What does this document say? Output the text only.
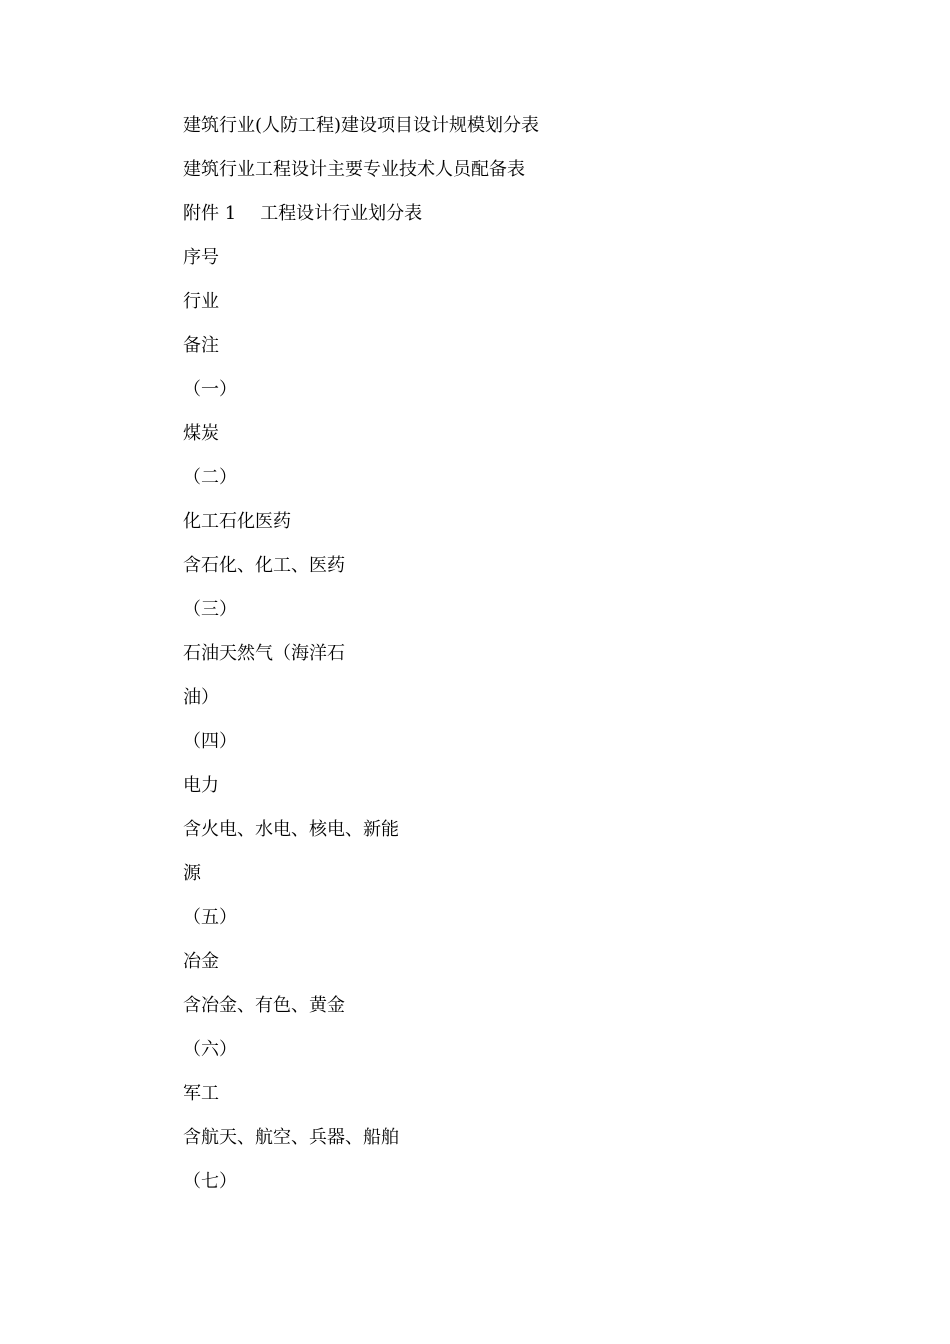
建筑行业(人防工程)建设项目设计规模划分表
建筑行业工程设计主要专业技术人员配备表
附件 1 工程设计行业划分表
序号
行业
备注
（一）
煤炭
（二）
化工石化医药
含石化、化工、医药
（三）
石油天然气（海洋石
油）
（四）
电力
含火电、水电、核电、新能
源
（五）
冶金
含冶金、有色、黄金
（六）
军工
含航天、航空、兵器、船舶
（七）
